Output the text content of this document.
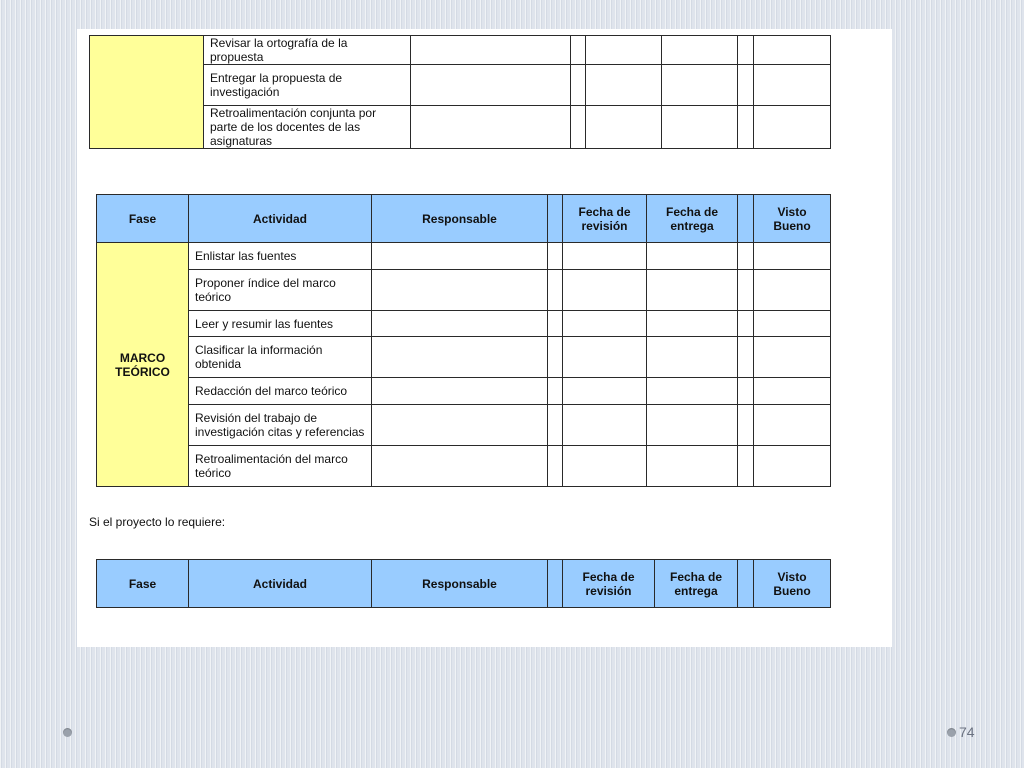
	Revisar la ortografía de la propuesta						
	Entregar la propuesta de investigación						
	Retroalimentación conjunta por parte de los docentes de las asignaturas						
Fase	Actividad	Responsable		Fecha de revisión	Fecha de entrega		Visto Bueno
MARCO TEÓRICO	Enlistar las fuentes						
	Proponer índice del marco teórico						
	Leer y resumir las fuentes						
	Clasificar la información obtenida						
	Redacción del marco teórico						
	Revisión del trabajo de investigación citas y referencias						
	Retroalimentación del marco teórico						
Si el proyecto lo requiere:
Fase	Actividad	Responsable		Fecha de revisión	Fecha de entrega		Visto Bueno
74
